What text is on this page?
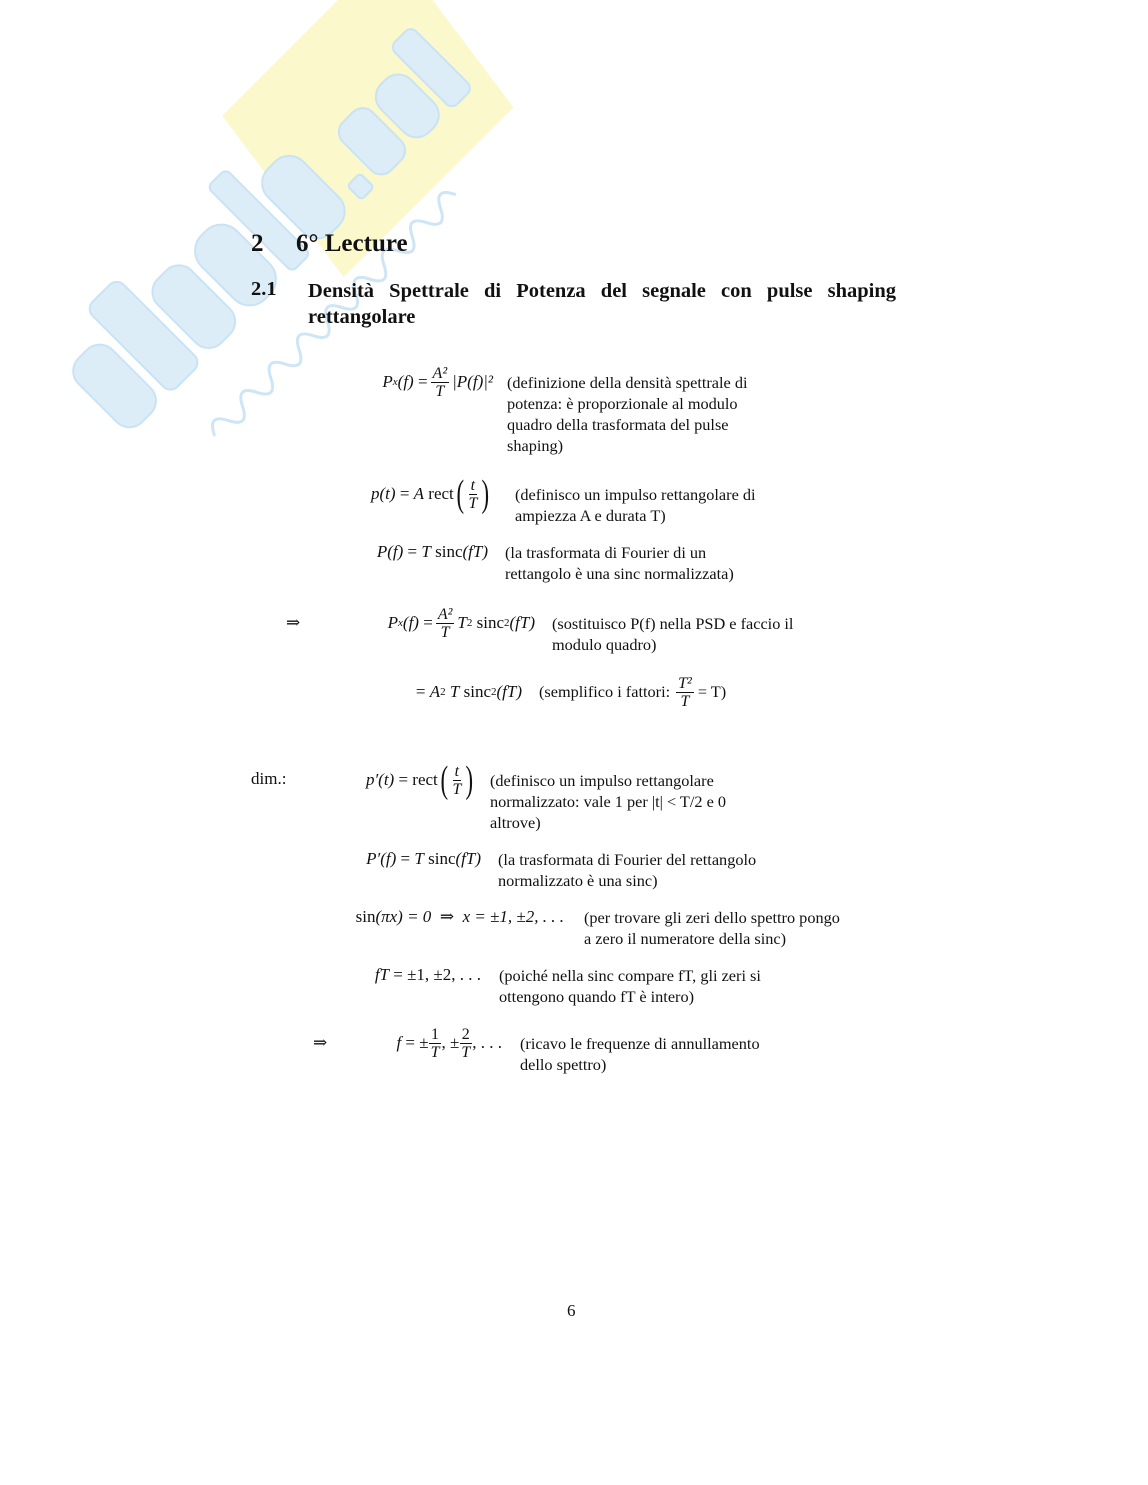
2 6° Lecture
2.1 Densità Spettrale di Potenza del segnale con pulse shaping rettangolare
P x (f)
= $\frac{\text{A²}}{T} |P(f)|^2$ (definizione della densità spettrale di
potenza: è proporzionale al modulo
quadro della trasformata del pulse
shaping)
p(t)
=
A
rect ( $\frac{t}{T}$ ) (definisco un impulso rettangolare di
ampiezza A e durata T)
P(f)
=
T
sinc (fT) (la trasformata di Fourier di un
rettangolo è una sinc normalizzata)
⇒	P x (f)
= $\frac{\text{A²}}{T}$ T 2
sinc 2 (fT) (sostituisco P(f) nella PSD e faccio il
modulo quadro)
=
A 2
T
sinc 2 (fT) (semplifico i fattori: $\frac{\text{T²}}{T} = T$)
dim.:	p′(t)
=
rect ( $\frac{t}{T}$ ) (definisco un impulso rettangolare
normalizzato: vale 1 per |t| < T/2 e 0
altrove)
P′(f)
=
T
sinc (fT) (la trasformata di Fourier del rettangolo
normalizzato è una sinc)
sin (πx) = 0
⇒
x = ±1, ±2, . . . (per trovare gli zeri dello spettro pongo
a zero il numeratore della sinc)
fT
= ±1, ±2, . . . (poiché nella sinc compare fT, gli zeri si
ottengono quando fT è intero)
⇒	f
= ± $\frac{1}{T}$ , ± $\frac{2}{T}$ , . . . (ricavo le frequenze di annullamento
dello spettro)
6
